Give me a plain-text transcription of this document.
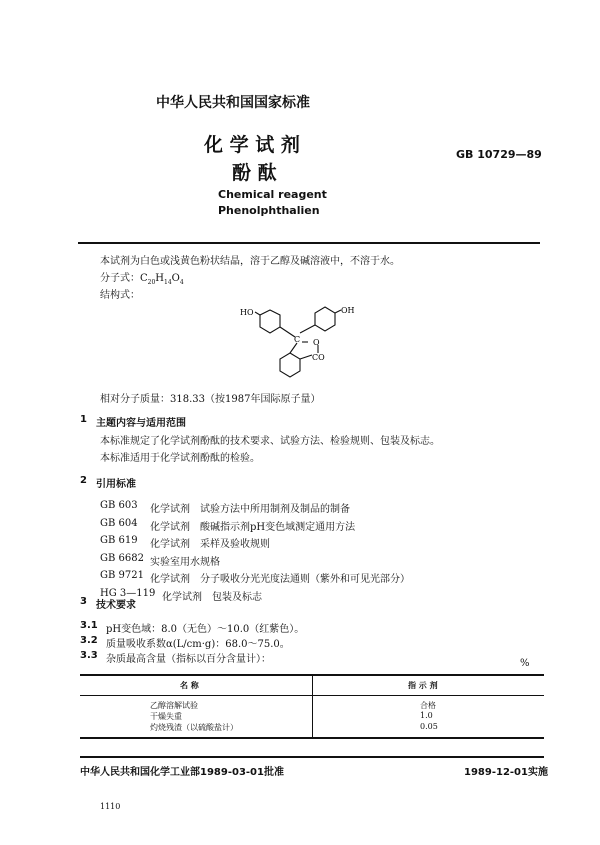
中华人民共和国国家标准
化 学 试 剂
酚 酞
GB 10729—89
Chemical reagent
Phenolphthalien
本试剂为白色或浅黄色粉状结晶，溶于乙醇及碱溶液中，不溶于水。
分子式：$C_{20}H_{14}O_4$
结构式：
HO	OH
C O
CO
相对分子质量：318.33（按1987年国际原子量）
1 主题内容与适用范围
本标准规定了化学试剂酚酞的技术要求、试验方法、检验规则、包装及标志。
本标准适用于化学试剂酚酞的检验。
2 引用标准
GB 603 化学试剂　试验方法中所用制剂及制品的制备
GB 604 化学试剂　酸碱指示剂pH变色域测定通用方法
GB 619 化学试剂　采样及验收规则
GB 6682 实验室用水规格
GB 9721 化学试剂　分子吸收分光光度法通则（紫外和可见光部分）
HG 3—119 化学试剂　包装及标志
3 技术要求
3.1 pH变色域：8.0（无色）～10.0（红紫色）。
3.2 质量吸收系数α(L/cm·g)：68.0～75.0。
3.3 杂质最高含量（指标以百分含量计）：	%
名 称	指 示 剂
乙醇溶解试验	合格
干燥失重	1.0
灼烧残渣（以硫酸盐计）	0.05
中华人民共和国化学工业部1989-03-01批准	1989-12-01实施
1110
